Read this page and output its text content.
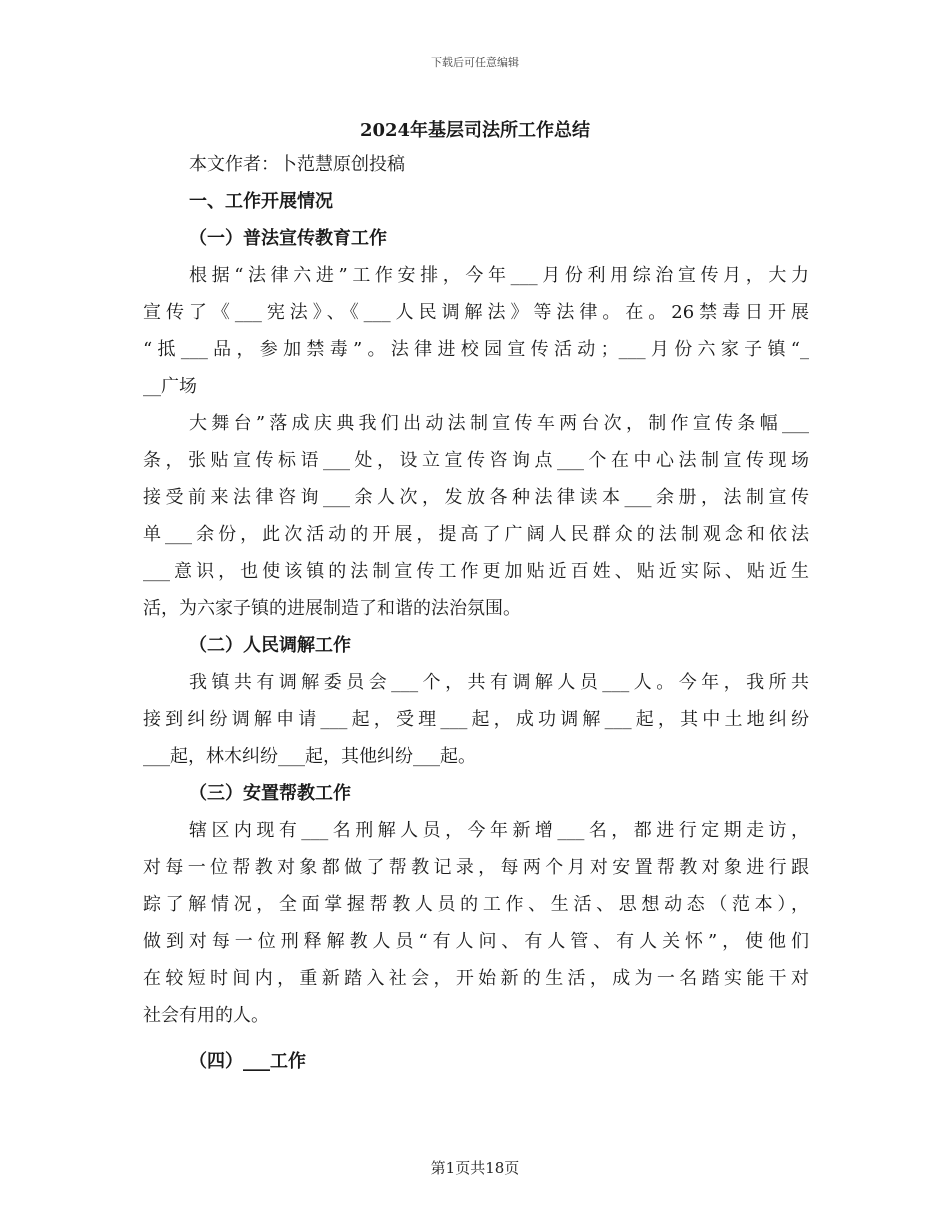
下载后可任意编辑
2024年基层司法所工作总结
本文作者：卜范慧原创投稿
一、工作开展情况
（一）普法宣传教育工作
根据“法律六进”工作安排，今年___月份利用综治宣传月，大力
宣传了《___宪法》、《___人民调解法》等法律。在。26禁毒日开展
“抵___品，参加禁毒”。法律进校园宣传活动；___月份六家子镇“_
__广场
大舞台”落成庆典我们出动法制宣传车两台次，制作宣传条幅___
条，张贴宣传标语___处，设立宣传咨询点___个在中心法制宣传现场
接受前来法律咨询___余人次，发放各种法律读本___余册，法制宣传
单___余份，此次活动的开展，提高了广阔人民群众的法制观念和依法
___意识，也使该镇的法制宣传工作更加贴近百姓、贴近实际、贴近生
活，为六家子镇的进展制造了和谐的法治氛围。
（二）人民调解工作
我镇共有调解委员会___个，共有调解人员___人。今年，我所共
接到纠纷调解申请___起，受理___起，成功调解___起，其中土地纠纷
___起，林木纠纷___起，其他纠纷___起。
（三）安置帮教工作
辖区内现有___名刑解人员，今年新增___名，都进行定期走访，
对每一位帮教对象都做了帮教记录，每两个月对安置帮教对象进行跟
踪了解情况，全面掌握帮教人员的工作、生活、思想动态（范本），
做到对每一位刑释解教人员“有人问、有人管、有人关怀”，使他们
在较短时间内，重新踏入社会，开始新的生活，成为一名踏实能干对
社会有用的人。
（四）___工作
第1页共18页
